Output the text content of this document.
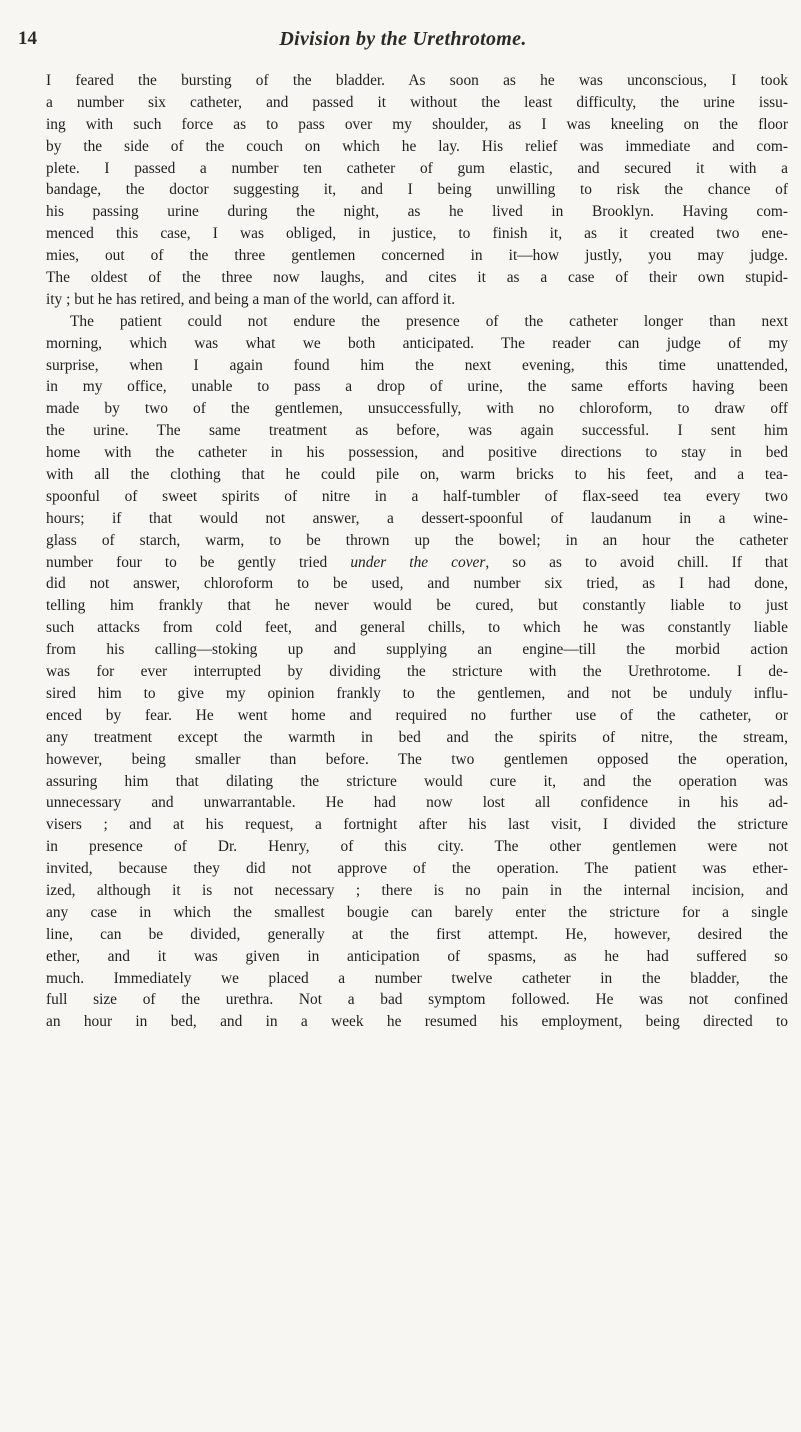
14	Division by the Urethrotome.
I feared the bursting of the bladder. As soon as he was unconscious, I took
a number six catheter, and passed it without the least difficulty, the urine issu-
ing with such force as to pass over my shoulder, as I was kneeling on the floor
by the side of the couch on which he lay. His relief was immediate and com-
plete. I passed a number ten catheter of gum elastic, and secured it with a
bandage, the doctor suggesting it, and I being unwilling to risk the chance of
his passing urine during the night, as he lived in Brooklyn. Having com-
menced this case, I was obliged, in justice, to finish it, as it created two ene-
mies, out of the three gentlemen concerned in it—how justly, you may judge.
The oldest of the three now laughs, and cites it as a case of their own stupid-
ity ; but he has retired, and being a man of the world, can afford it.
The patient could not endure the presence of the catheter longer than next
morning, which was what we both anticipated. The reader can judge of my
surprise, when I again found him the next evening, this time unattended,
in my office, unable to pass a drop of urine, the same efforts having been
made by two of the gentlemen, unsuccessfully, with no chloroform, to draw off
the urine. The same treatment as before, was again successful. I sent him
home with the catheter in his possession, and positive directions to stay in bed
with all the clothing that he could pile on, warm bricks to his feet, and a tea-
spoonful of sweet spirits of nitre in a half-tumbler of flax-seed tea every two
hours; if that would not answer, a dessert-spoonful of laudanum in a wine-
glass of starch, warm, to be thrown up the bowel; in an hour the catheter
number four to be gently tried under the cover, so as to avoid chill. If that
did not answer, chloroform to be used, and number six tried, as I had done,
telling him frankly that he never would be cured, but constantly liable to just
such attacks from cold feet, and general chills, to which he was constantly liable
from his calling—stoking up and supplying an engine—till the morbid action
was for ever interrupted by dividing the stricture with the Urethrotome. I de-
sired him to give my opinion frankly to the gentlemen, and not be unduly influ-
enced by fear. He went home and required no further use of the catheter, or
any treatment except the warmth in bed and the spirits of nitre, the stream,
however, being smaller than before. The two gentlemen opposed the operation,
assuring him that dilating the stricture would cure it, and the operation was
unnecessary and unwarrantable. He had now lost all confidence in his ad-
visers ; and at his request, a fortnight after his last visit, I divided the stricture
in presence of Dr. Henry, of this city. The other gentlemen were not
invited, because they did not approve of the operation. The patient was ether-
ized, although it is not necessary ; there is no pain in the internal incision, and
any case in which the smallest bougie can barely enter the stricture for a single
line, can be divided, generally at the first attempt. He, however, desired the
ether, and it was given in anticipation of spasms, as he had suffered so
much. Immediately we placed a number twelve catheter in the bladder, the
full size of the urethra. Not a bad symptom followed. He was not confined
an hour in bed, and in a week he resumed his employment, being directed to
